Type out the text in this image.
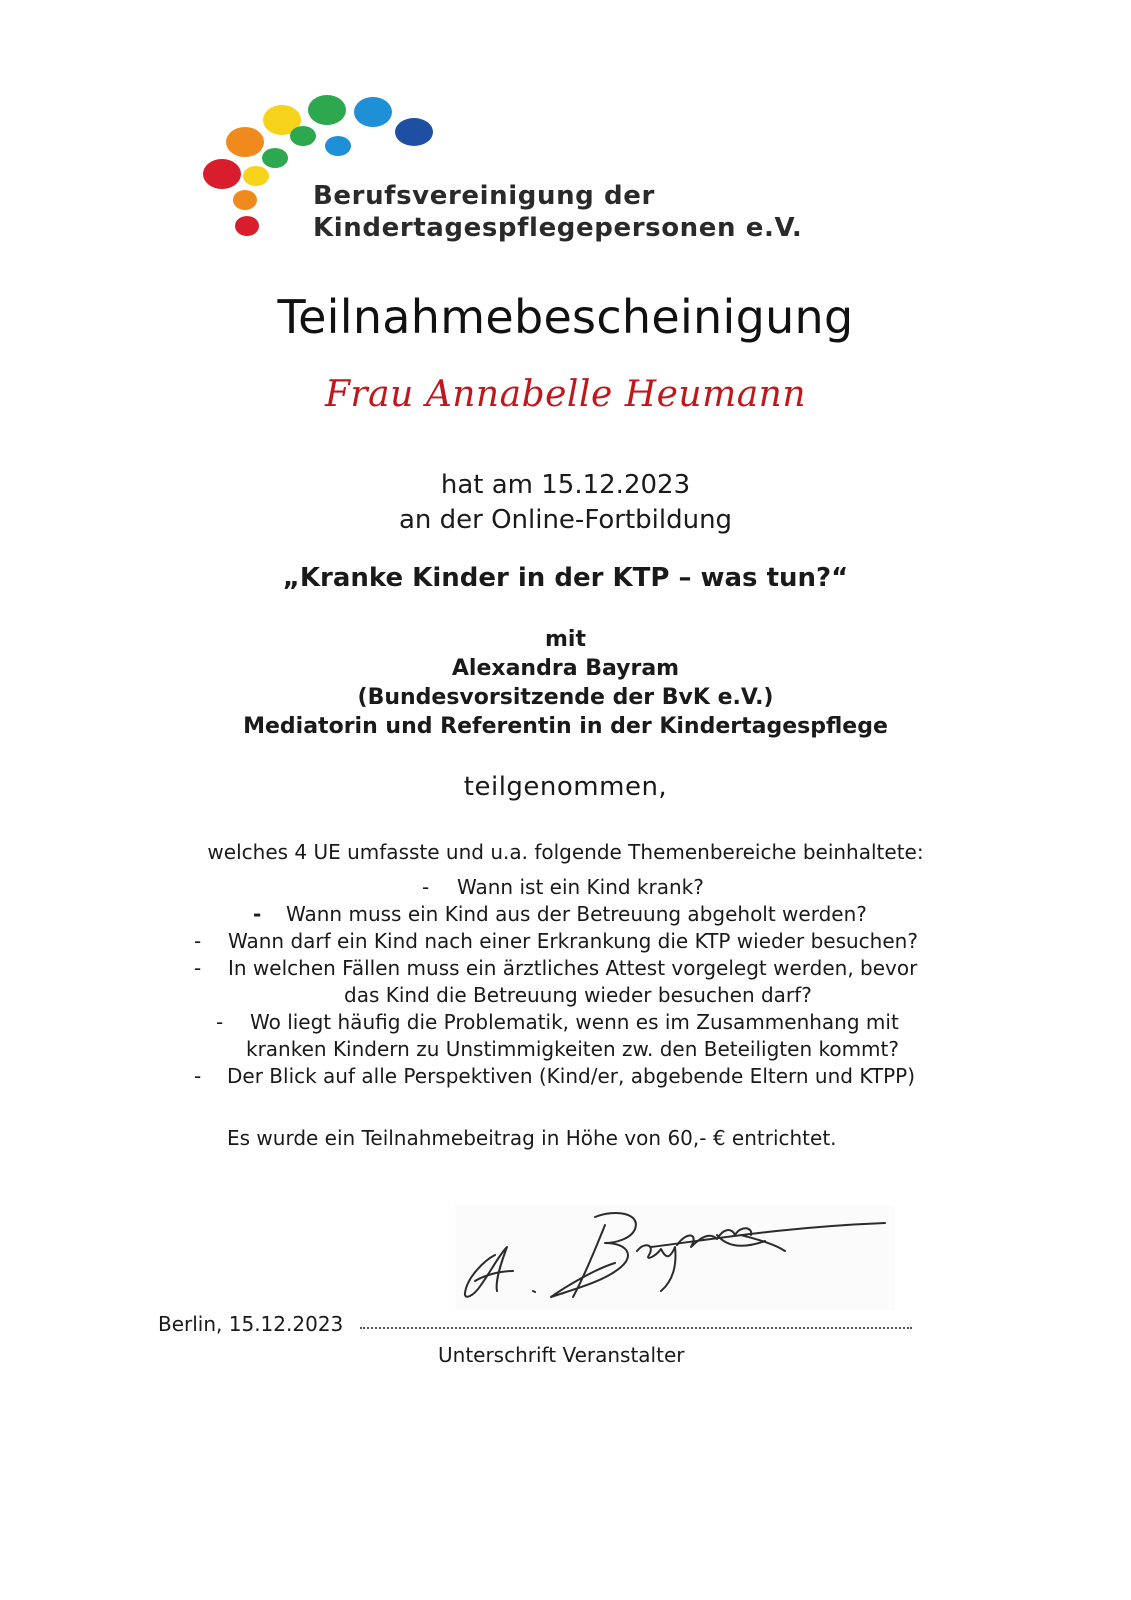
Berufsvereinigung der
Kindertagespflegepersonen e.V.
Teilnahmebescheinigung
Frau Annabelle Heumann
hat am 15.12.2023
an der Online-Fortbildung
„Kranke Kinder in der KTP – was tun?“
mit
Alexandra Bayram
(Bundesvorsitzende der BvK e.V.)
Mediatorin und Referentin in der Kindertagespflege
teilgenommen,
welches 4 UE umfasste und u.a. folgende Themenbereiche beinhaltete:
- Wann ist ein Kind krank?
- Wann muss ein Kind aus der Betreuung abgeholt werden?
- Wann darf ein Kind nach einer Erkrankung die KTP wieder besuchen?
- In welchen Fällen muss ein ärztliches Attest vorgelegt werden, bevor
das Kind die Betreuung wieder besuchen darf?
- Wo liegt häufig die Problematik, wenn es im Zusammenhang mit
kranken Kindern zu Unstimmigkeiten zw. den Beteiligten kommt?
- Der Blick auf alle Perspektiven (Kind/er, abgebende Eltern und KTPP)
Es wurde ein Teilnahmebeitrag in Höhe von 60,- € entrichtet.
Berlin, 15.12.2023
Unterschrift Veranstalter
